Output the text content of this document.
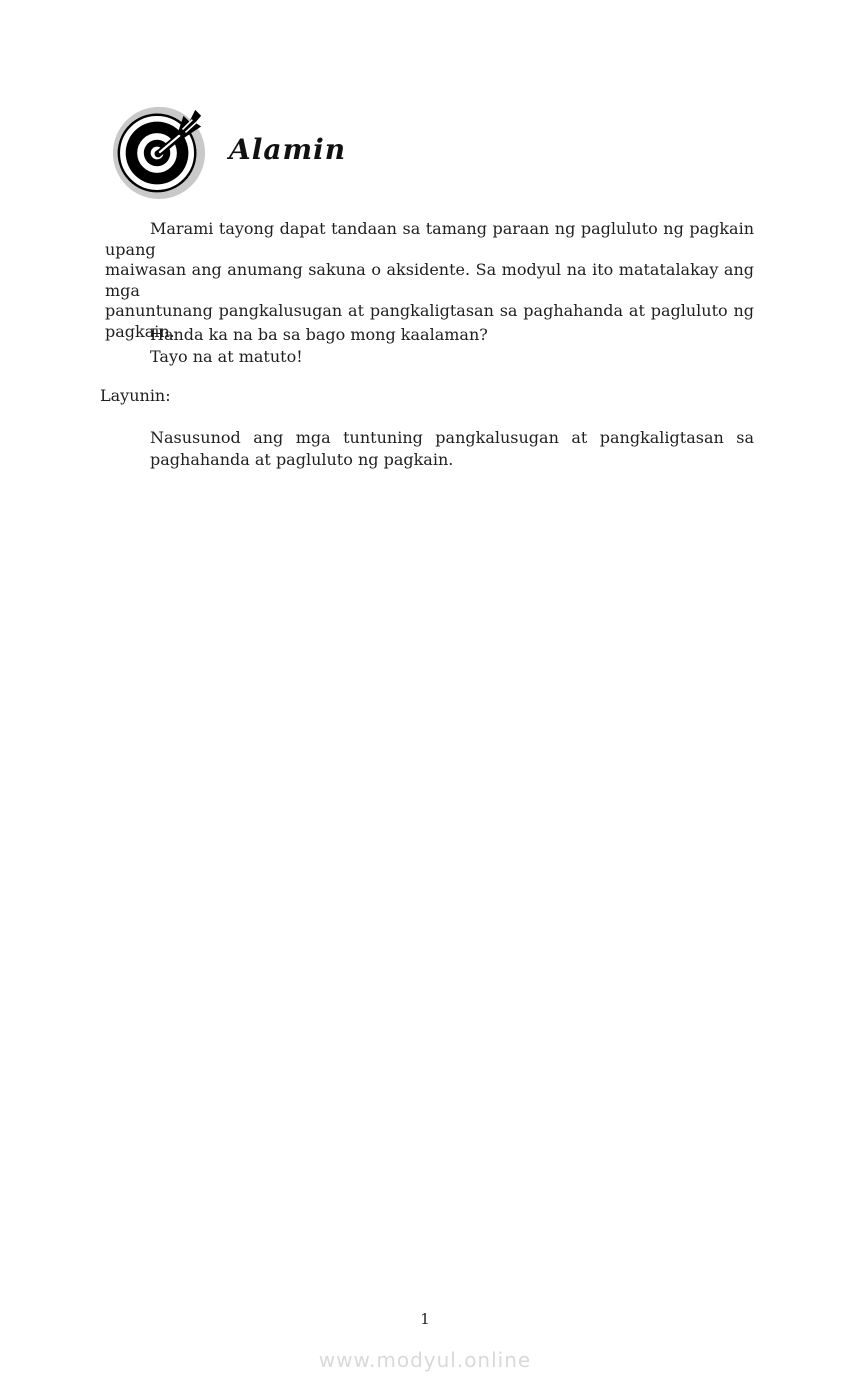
Alamin
Marami tayong dapat tandaan sa tamang paraan ng pagluluto ng pagkain upang
maiwasan ang anumang sakuna o aksidente. Sa modyul na ito matatalakay ang mga
panuntunang pangkalusugan at pangkaligtasan sa paghahanda at pagluluto ng
pagkain.
Handa ka na ba sa bago mong kaalaman?
Tayo na at matuto!
Layunin:
Nasusunod ang mga tuntuning pangkalusugan at pangkaligtasan sa
paghahanda at pagluluto ng pagkain.
1
www.modyul.online
